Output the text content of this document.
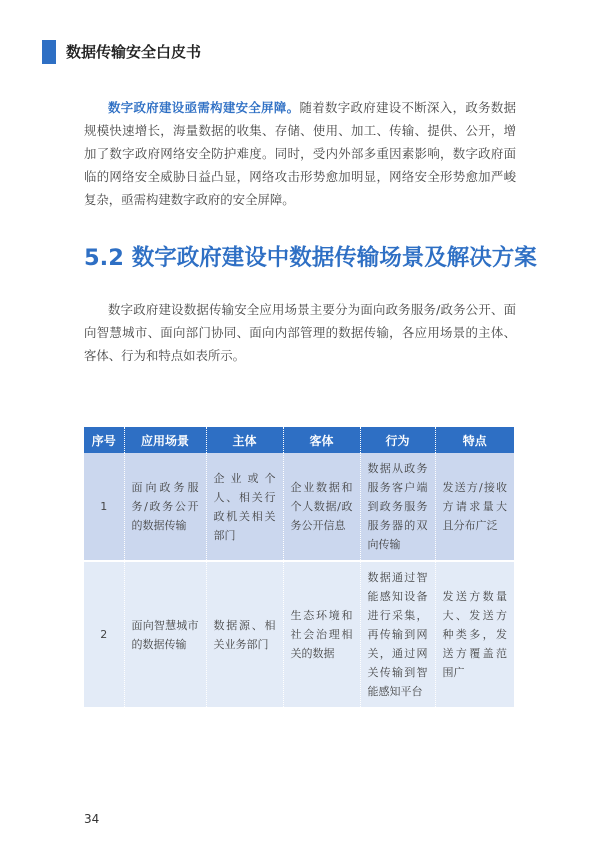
数据传输安全白皮书
数字政府建设亟需构建安全屏障。随着数字政府建设不断深入，政务数据规模快速增长，海量数据的收集、存储、使用、加工、传输、提供、公开，增加了数字政府网络安全防护难度。同时，受内外部多重因素影响，数字政府面临的网络安全威胁日益凸显，网络攻击形势愈加明显，网络安全形势愈加严峻复杂，亟需构建数字政府的安全屏障。
5.2 数字政府建设中数据传输场景及解决方案
数字政府建设数据传输安全应用场景主要分为面向政务服务/政务公开、面向智慧城市、面向部门协同、面向内部管理的数据传输，各应用场景的主体、客体、行为和特点如表所示。
序号	应用场景	主体	客体	行为	特点
1	面向政务服务/政务公开的数据传输	企业或个人、相关行政机关相关部门	企业数据和个人数据/政务公开信息	数据从政务服务客户端到政务服务服务器的双向传输	发送方/接收方请求量大且分布广泛
2	面向智慧城市的数据传输	数据源、相关业务部门	生态环境和社会治理相关的数据	数据通过智能感知设备进行采集，再传输到网关，通过网关传输到智能感知平台	发送方数量大、发送方种类多，发送方覆盖范围广
34
